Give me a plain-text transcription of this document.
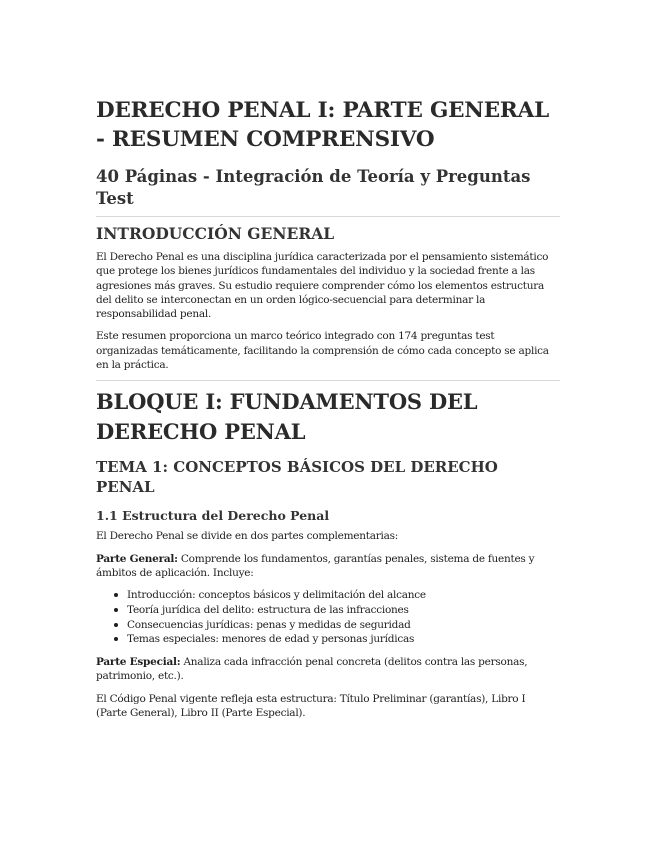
DERECHO PENAL I: PARTE GENERAL - RESUMEN COMPRENSIVO
40 Páginas - Integración de Teoría y Preguntas Test
INTRODUCCIÓN GENERAL

El Derecho Penal es una disciplina jurídica caracterizada por el pensamiento sistemático que protege los bienes jurídicos fundamentales del individuo y la sociedad frente a las agresiones más graves. Su estudio requiere comprender cómo los elementos estructura del delito se interconectan en un orden lógico-secuencial para determinar la responsabilidad penal.

Este resumen proporciona un marco teórico integrado con 174 preguntas test organizadas temáticamente, facilitando la comprensión de cómo cada concepto se aplica en la práctica.

BLOQUE I: FUNDAMENTOS DEL DERECHO PENAL
TEMA 1: CONCEPTOS BÁSICOS DEL DERECHO PENAL
1.1 Estructura del Derecho Penal

El Derecho Penal se divide en dos partes complementarias:

Parte General: Comprende los fundamentos, garantías penales, sistema de fuentes y ámbitos de aplicación. Incluye:

Introducción: conceptos básicos y delimitación del alcance
Teoría jurídica del delito: estructura de las infracciones
Consecuencias jurídicas: penas y medidas de seguridad
Temas especiales: menores de edad y personas jurídicas

Parte Especial: Analiza cada infracción penal concreta (delitos contra las personas, patrimonio, etc.).

El Código Penal vigente refleja esta estructura: Título Preliminar (garantías), Libro I (Parte General), Libro II (Parte Especial).
